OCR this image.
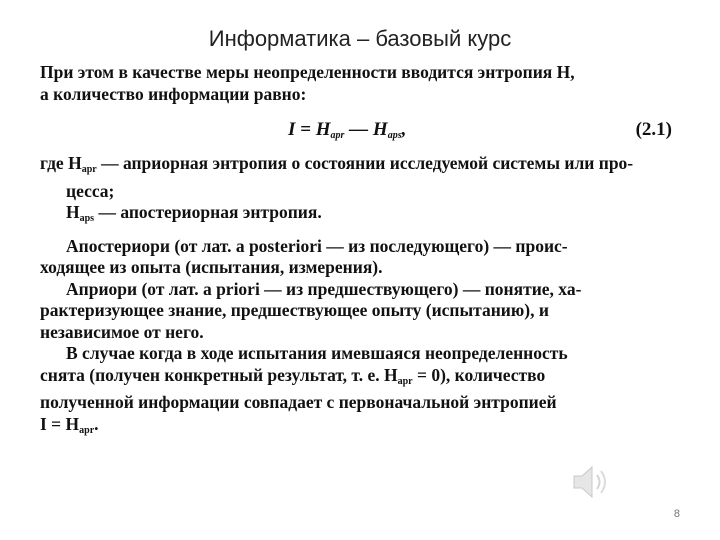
Информатика – базовый курс
При этом в качестве меры неопределенности вводится энтропия H,
а количество информации равно:
$I = H_{apr}$ — $H_{aps}$,	(2.1)
где $H_{apr}$ — априорная энтропия о состоянии исследуемой системы или про-
цесса;
$H_{aps}$ — апостериорная энтропия.
Апостериори (от лат. a posteriori — из последующего) — проис-
ходящее из опыта (испытания, измерения).
Априори (от лат. a priori — из предшествующего) — понятие, ха-
рактеризующее знание, предшествующее опыту (испытанию), и
независимое от него.
В случае когда в ходе испытания имевшаяся неопределенность
снята (получен конкретный результат, т. е. $H_{apr} = 0$), количество
полученной информации совпадает с первоначальной энтропией
$I = H_{apr}$.
8
